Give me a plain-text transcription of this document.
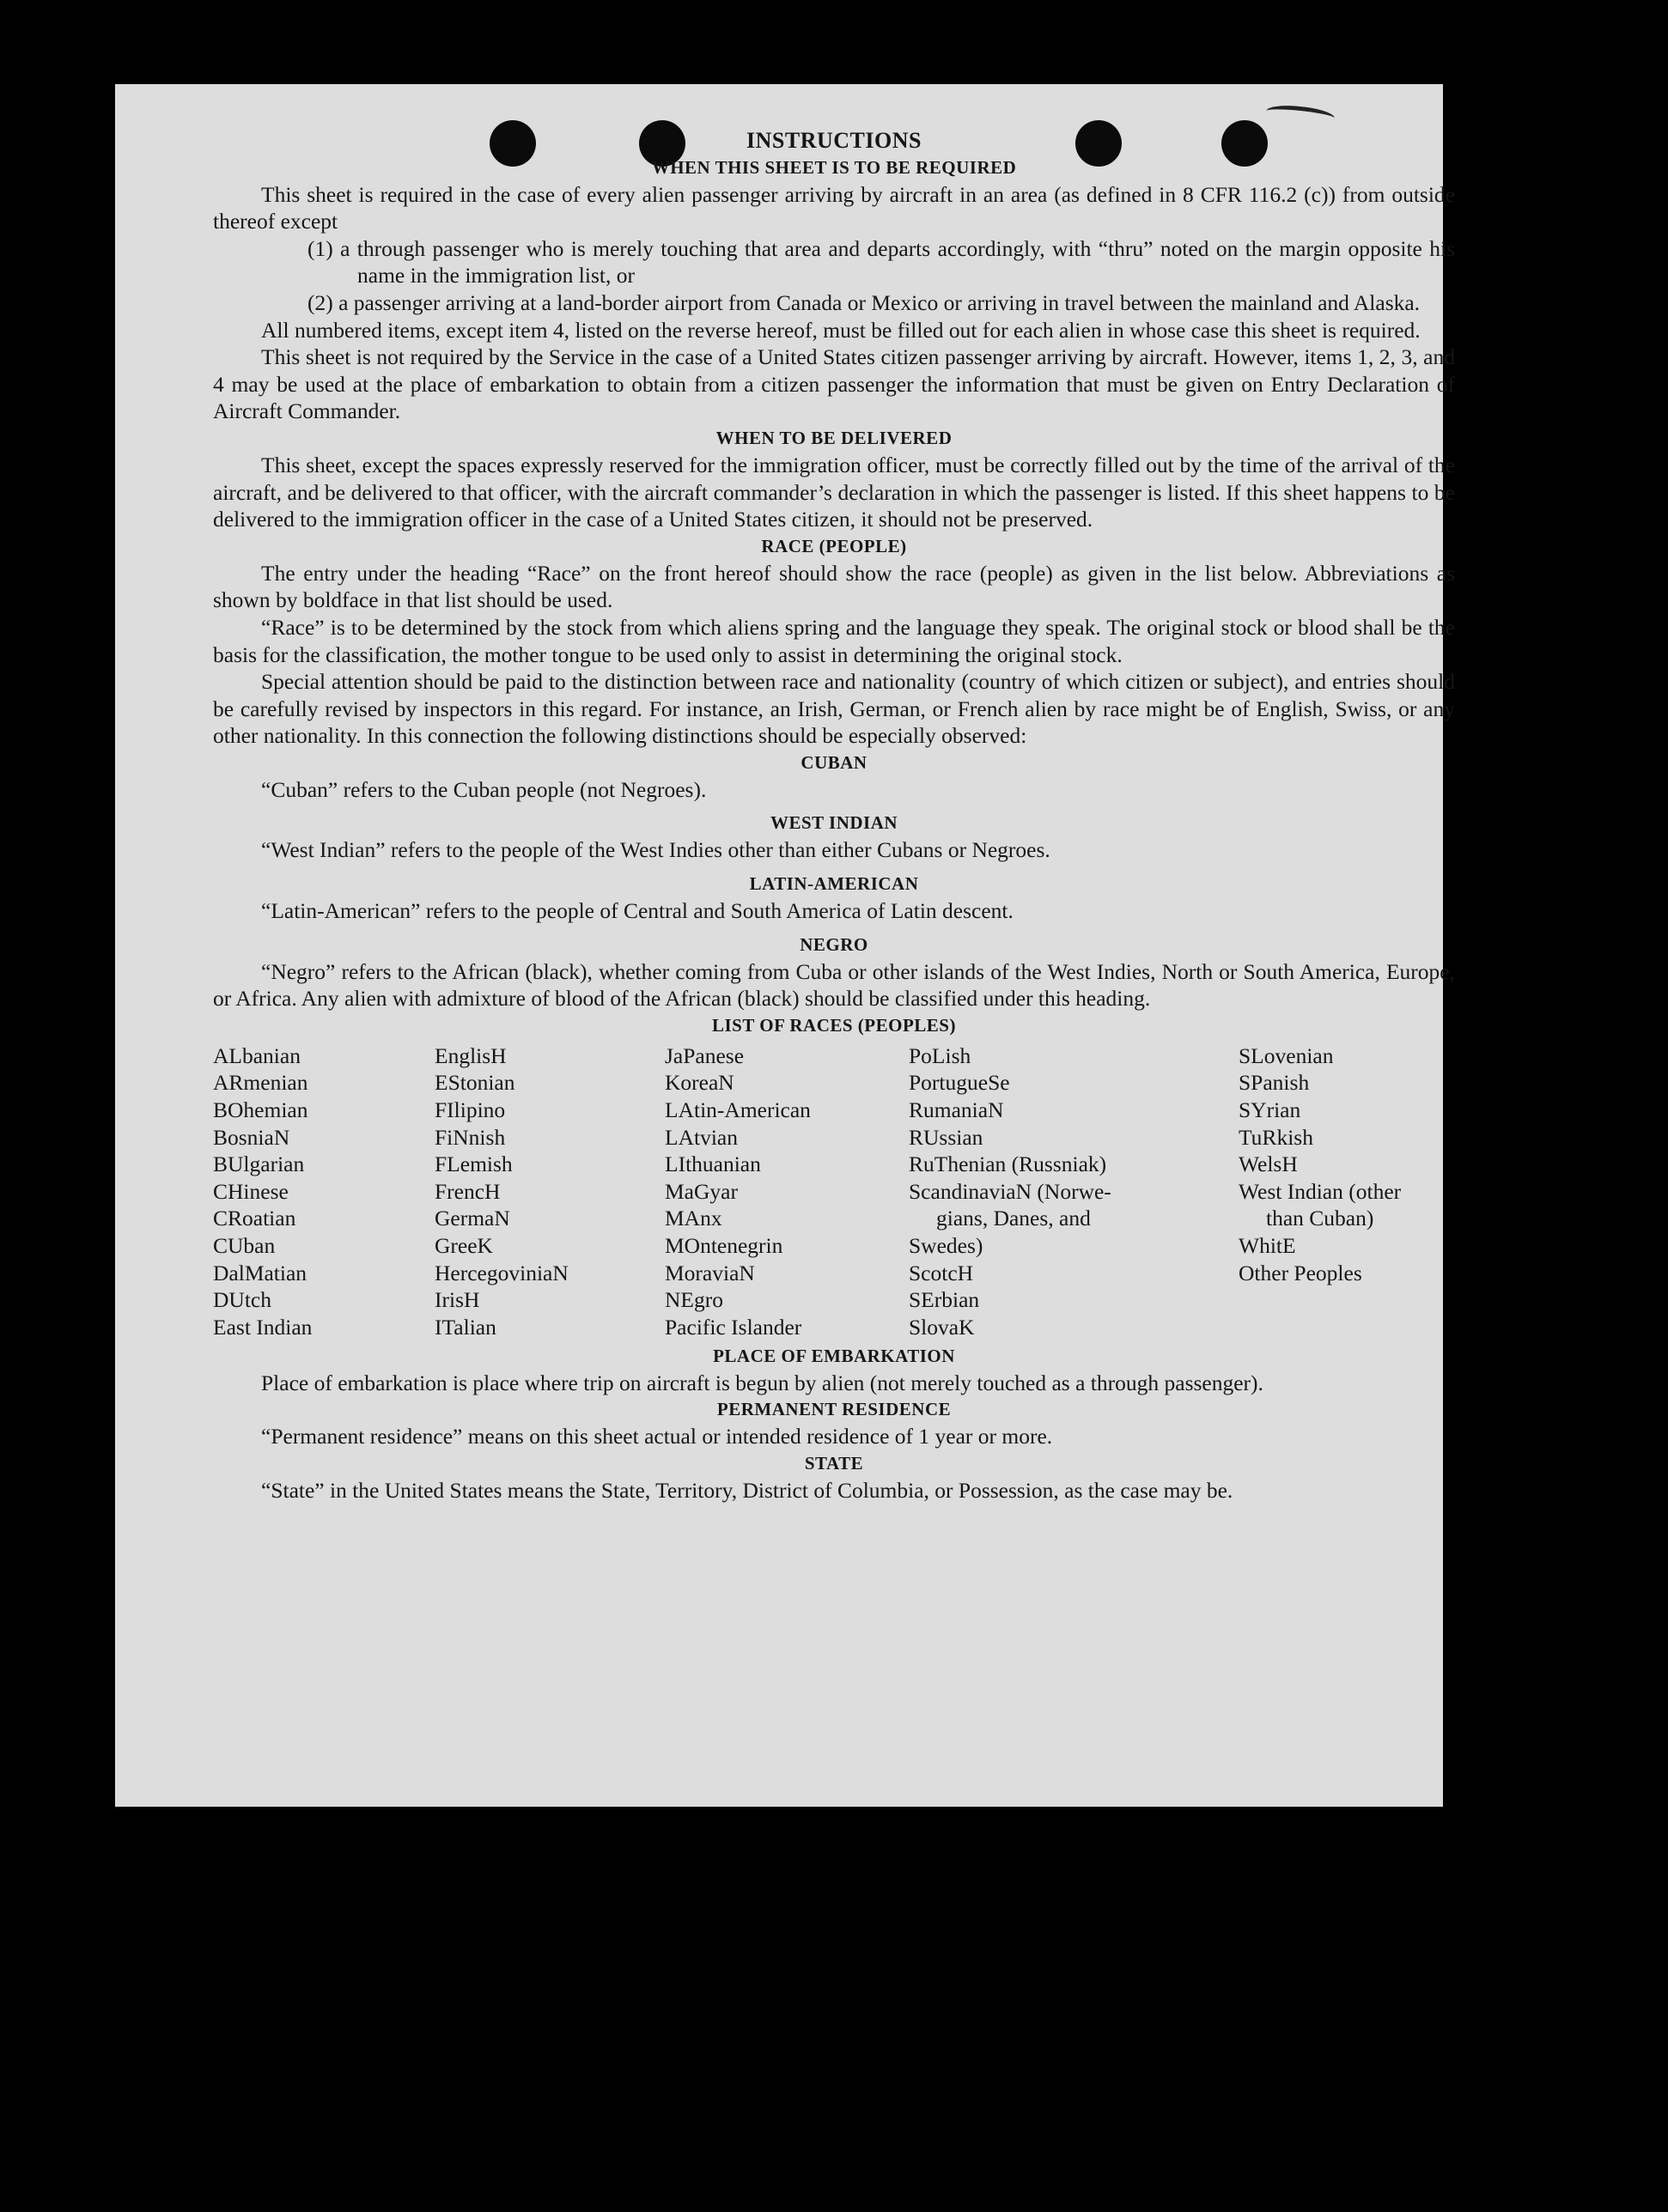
INSTRUCTIONS

WHEN THIS SHEET IS TO BE REQUIRED

This sheet is required in the case of every alien passenger arriving by aircraft in an area (as defined in 8 CFR 116.2 (c)) from outside thereof except

(1) a through passenger who is merely touching that area and departs accordingly, with “thru” noted on the margin opposite his name in the immigration list, or

(2) a passenger arriving at a land-border airport from Canada or Mexico or arriving in travel between the mainland and Alaska.

All numbered items, except item 4, listed on the reverse hereof, must be filled out for each alien in whose case this sheet is required.

This sheet is not required by the Service in the case of a United States citizen passenger arriving by aircraft. However, items 1, 2, 3, and 4 may be used at the place of embarkation to obtain from a citizen passenger the information that must be given on Entry Declaration of Aircraft Commander.

WHEN TO BE DELIVERED

This sheet, except the spaces expressly reserved for the immigration officer, must be correctly filled out by the time of the arrival of the aircraft, and be delivered to that officer, with the aircraft commander’s declaration in which the passenger is listed. If this sheet happens to be delivered to the immigration officer in the case of a United States citizen, it should not be preserved.

RACE (PEOPLE)

The entry under the heading “Race” on the front hereof should show the race (people) as given in the list below. Abbreviations as shown by boldface in that list should be used.

“Race” is to be determined by the stock from which aliens spring and the language they speak. The original stock or blood shall be the basis for the classification, the mother tongue to be used only to assist in determining the original stock.

Special attention should be paid to the distinction between race and nationality (country of which citizen or subject), and entries should be carefully revised by inspectors in this regard. For instance, an Irish, German, or French alien by race might be of English, Swiss, or any other nationality. In this connection the following distinctions should be especially observed:

CUBAN

“Cuban” refers to the Cuban people (not Negroes).

WEST INDIAN

“West Indian” refers to the people of the West Indies other than either Cubans or Negroes.

LATIN-AMERICAN

“Latin-American” refers to the people of Central and South America of Latin descent.

NEGRO

“Negro” refers to the African (black), whether coming from Cuba or other islands of the West Indies, North or South America, Europe, or Africa. Any alien with admixture of blood of the African (black) should be classified under this heading.

LIST OF RACES (PEOPLES)

ALbanian
ARmenian
BOhemian
BosniaN
BUlgarian
CHinese
CRoatian
CUban
DalMatian
DUtch
East Indian
EnglisH
EStonian
FIlipino
FiNnish
FLemish
FrencH
GermaN
GreeK
HercegoviniaN
IrisH
ITalian
JaPanese
KoreaN
LAtin-American
LAtvian
LIthuanian
MaGyar
MAnx
MOntenegrin
MoraviaN
NEgro
Pacific Islander
PoLish
PortugueSe
RumaniaN
RUssian
RuThenian (Russniak)
ScandinaviaN (Norwe-
gians, Danes, and
Swedes)
ScotcH
SErbian
SlovaK
SLovenian
SPanish
SYrian
TuRkish
WelsH
West Indian (other
than Cuban)
WhitE
Other Peoples

PLACE OF EMBARKATION

Place of embarkation is place where trip on aircraft is begun by alien (not merely touched as a through passenger).

PERMANENT RESIDENCE

“Permanent residence” means on this sheet actual or intended residence of 1 year or more.

STATE

“State” in the United States means the State, Territory, District of Columbia, or Possession, as the case may be.
